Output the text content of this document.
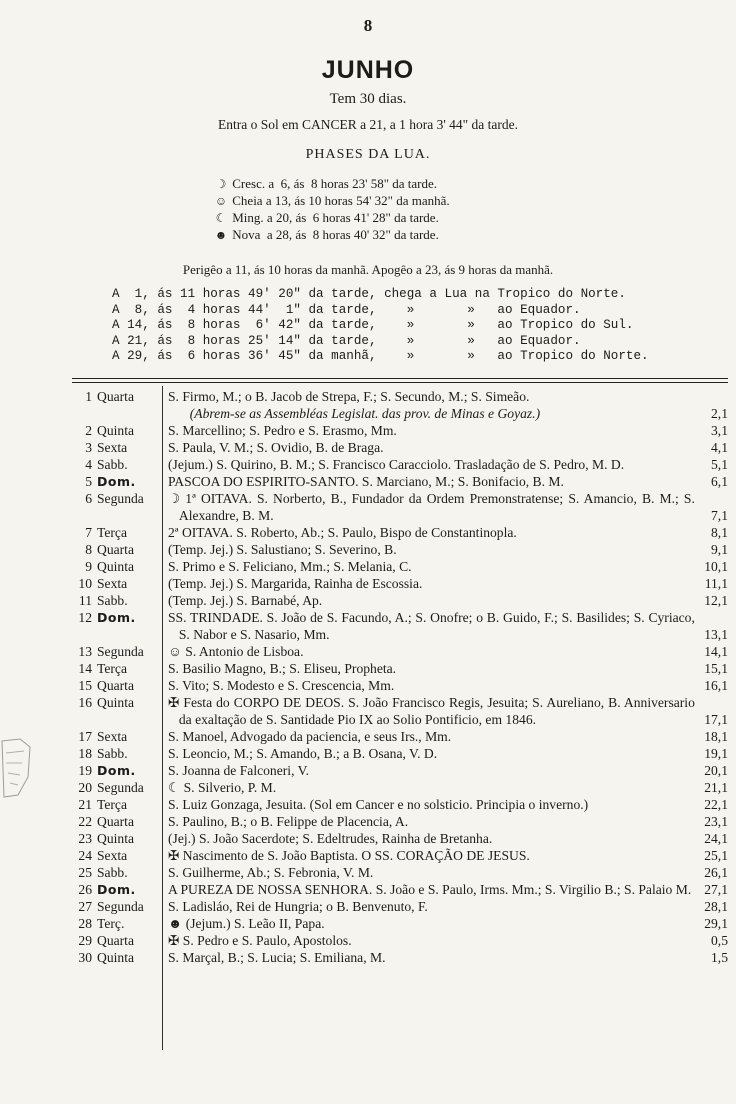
8
JUNHO
Tem 30 dias.
Entra o Sol em CANCER a 21, a 1 hora 3' 44" da tarde.
PHASES DA LUA.
☽ Cresc. a  6, ás  8 horas 23' 58" da tarde.
☺ Cheia a 13, ás 10 horas 54' 32" da manhã.
☾ Ming. a 20, ás  6 horas 41' 28" da tarde.
☻ Nova  a 28, ás  8 horas 40' 32" da tarde.
Perigêo a 11, ás 10 horas da manhã. Apogêo a 23, ás 9 horas da manhã.
A  1, ás 11 horas 49' 20" da tarde, chega a Lua na Tropico do Norte.
A  8, ás  4 horas 44'  1" da tarde,    »       »   ao Equador.
A 14, ás  8 horas  6' 42" da tarde,    »       »   ao Tropico do Sul.
A 21, ás  8 horas 25' 14" da tarde,    »       »   ao Equador.
A 29, ás  6 horas 36' 45" da manhã,    »       »   ao Tropico do Norte.
1 Quarta	S. Firmo, M.; o B. Jacob de Strepa, F.; S. Secundo, M.; S. Simeão.
(Abrem-se as Assembléas Legislat. das prov. de Minas e Goyaz.)	2,1
2 Quinta	S. Marcellino; S. Pedro e S. Erasmo, Mm.	3,1
3 Sexta	S. Paula, V. M.; S. Ovidio, B. de Braga.	4,1
4 Sabb.	(Jejum.) S. Quirino, B. M.; S. Francisco Caracciolo. Trasladação de S. Pedro, M. D.	5,1
5 Dom.	PASCOA DO ESPIRITO-SANTO. S. Marciano, M.; S. Bonifacio, B. M.	6,1
6 Segunda	☽ 1ª OITAVA. S. Norberto, B., Fundador da Ordem Premonstratense; S. Amancio, B. M.; S. Alexandre, B. M.	7,1
7 Terça	2ª OITAVA. S. Roberto, Ab.; S. Paulo, Bispo de Constantinopla.	8,1
8 Quarta	(Temp. Jej.) S. Salustiano; S. Severino, B.	9,1
9 Quinta	S. Primo e S. Feliciano, Mm.; S. Melania, C.	10,1
10 Sexta	(Temp. Jej.) S. Margarida, Rainha de Escossia.	11,1
11 Sabb.	(Temp. Jej.) S. Barnabé, Ap.	12,1
12 Dom.	SS. TRINDADE. S. João de S. Facundo, A.; S. Onofre; o B. Guido, F.; S. Basilides; S. Cyriaco, S. Nabor e S. Nasario, Mm.	13,1
13 Segunda	☺ S. Antonio de Lisboa.	14,1
14 Terça	S. Basilio Magno, B.; S. Eliseu, Propheta.	15,1
15 Quarta	S. Vito; S. Modesto e S. Crescencia, Mm.	16,1
16 Quinta	✠ Festa do CORPO DE DEOS. S. João Francisco Regis, Jesuita; S. Aureliano, B. Anniversario da exaltação de S. Santidade Pio IX ao Solio Pontificio, em 1846.	17,1
17 Sexta	S. Manoel, Advogado da paciencia, e seus Irs., Mm.	18,1
18 Sabb.	S. Leoncio, M.; S. Amando, B.; a B. Osana, V. D.	19,1
19 Dom.	S. Joanna de Falconeri, V.	20,1
20 Segunda	☾ S. Silverio, P. M.	21,1
21 Terça	S. Luiz Gonzaga, Jesuita. (Sol em Cancer e no solsticio. Principia o inverno.)	22,1
22 Quarta	S. Paulino, B.; o B. Felippe de Placencia, A.	23,1
23 Quinta	(Jej.) S. João Sacerdote; S. Edeltrudes, Rainha de Bretanha.	24,1
24 Sexta	✠ Nascimento de S. João Baptista. O SS. CORAÇÃO DE JESUS.	25,1
25 Sabb.	S. Guilherme, Ab.; S. Febronia, V. M.	26,1
26 Dom.	A PUREZA DE NOSSA SENHORA. S. João e S. Paulo, Irms. Mm.; S. Virgilio B.; S. Palaio M. 27,1
27 Segunda	S. Ladisláo, Rei de Hungria; o B. Benvenuto, F.	28,1
28 Terç.	☻ (Jejum.) S. Leão II, Papa.	29,1
29 Quarta	✠ S. Pedro e S. Paulo, Apostolos.	0,5
30 Quinta	S. Marçal, B.; S. Lucia; S. Emiliana, M.	1,5
